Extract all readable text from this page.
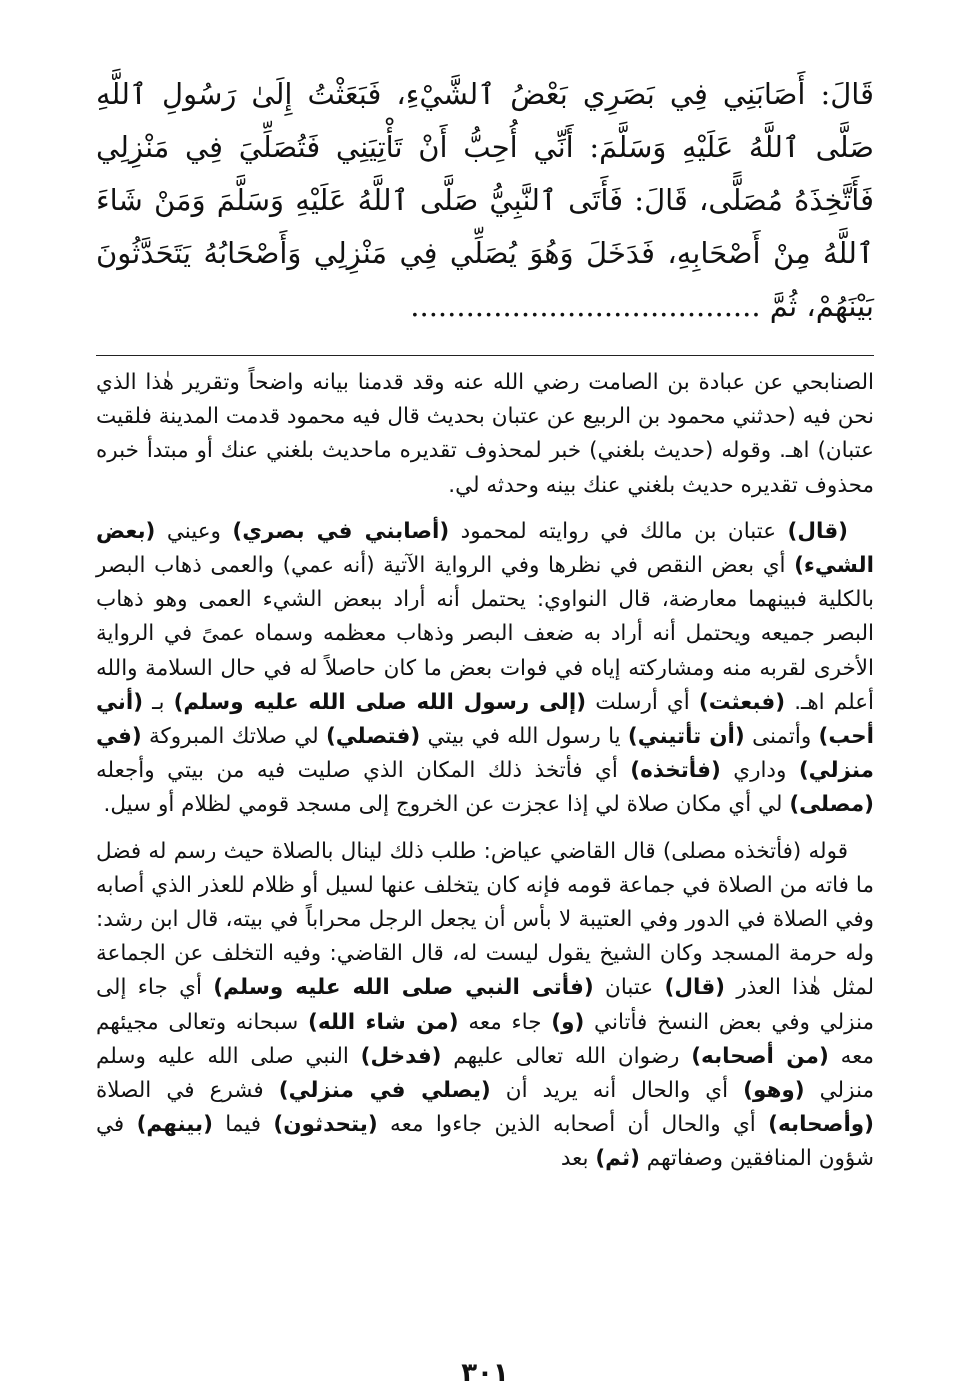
قَالَ: أَصَابَنِي فِي بَصَرِي بَعْضُ ٱلشَّيْءِ، فَبَعَثْتُ إِلَىٰ رَسُولِ ٱللَّهِ صَلَّى ٱللَّهُ عَلَيْهِ وَسَلَّمَ: أَنِّي أُحِبُّ أَنْ تَأْتِيَنِي فَتُصَلِّيَ فِي مَنْزِلِي فَأَتَّخِذَهُ مُصَلًّى، قَالَ: فَأَتَى ٱلنَّبِيُّ صَلَّى ٱللَّهُ عَلَيْهِ وَسَلَّمَ وَمَنْ شَاءَ ٱللَّهُ مِنْ أَصْحَابِهِ، فَدَخَلَ وَهُوَ يُصَلِّي فِي مَنْزِلِي وَأَصْحَابُهُ يَتَحَدَّثُونَ بَيْنَهُمْ، ثُمَّ ......................................

الصنابحي عن عبادة بن الصامت رضي الله عنه وقد قدمنا بيانه واضحاً وتقرير هٰذا الذي نحن فيه (حدثني محمود بن الربيع عن عتبان بحديث قال فيه محمود قدمت المدينة فلقيت عتبان) اهـ. وقوله (حديث بلغني) خبر لمحذوف تقديره ماحديث بلغني عنك أو مبتدأ خبره محذوف تقديره حديث بلغني عنك بينه وحدثه لي.

(قال) عتبان بن مالك في روايته لمحمود (أصابني في بصري) وعيني (بعض الشيء) أي بعض النقص في نظرها وفي الرواية الآتية (أنه عمي) والعمى ذهاب البصر بالكلية فبينهما معارضة، قال النواوي: يحتمل أنه أراد ببعض الشيء العمى وهو ذهاب البصر جميعه ويحتمل أنه أراد به ضعف البصر وذهاب معظمه وسماه عمىً في الرواية الأخرى لقربه منه ومشاركته إياه في فوات بعض ما كان حاصلاً له في حال السلامة والله أعلم اهـ. (فبعثت) أي أرسلت (إلى رسول الله صلى الله عليه وسلم) بـ (أني أحب) وأتمنى (أن تأتيني) يا رسول الله في بيتي (فتصلي) لي صلاتك المبروكة (في منزلي) وداري (فأتخذه) أي فأتخذ ذلك المكان الذي صليت فيه من بيتي وأجعله (مصلى) لي أي مكان صلاة لي إذا عجزت عن الخروج إلى مسجد قومي لظلام أو سيل.

قوله (فأتخذه مصلى) قال القاضي عياض: طلب ذلك لينال بالصلاة حيث رسم له فضل ما فاته من الصلاة في جماعة قومه فإنه كان يتخلف عنها لسيل أو ظلام للعذر الذي أصابه وفي الصلاة في الدور وفي العتيبة لا بأس أن يجعل الرجل محراباً في بيته، قال ابن رشد: وله حرمة المسجد وكان الشيخ يقول ليست له، قال القاضي: وفيه التخلف عن الجماعة لمثل هٰذا العذر (قال) عتبان (فأتى النبي صلى الله عليه وسلم) أي جاء إلى منزلي وفي بعض النسخ فأتاني (و) جاء معه (من شاء الله) سبحانه وتعالى مجيئهم معه (من أصحابه) رضوان الله تعالى عليهم (فدخل) النبي صلى الله عليه وسلم منزلي (وهو) أي والحال أنه يريد أن (يصلي في منزلي) فشرع في الصلاة (وأصحابه) أي والحال أن أصحابه الذين جاءوا معه (يتحدثون) فيما (بينهم) في شؤون المنافقين وصفاتهم (ثم) بعد

٣٠١
